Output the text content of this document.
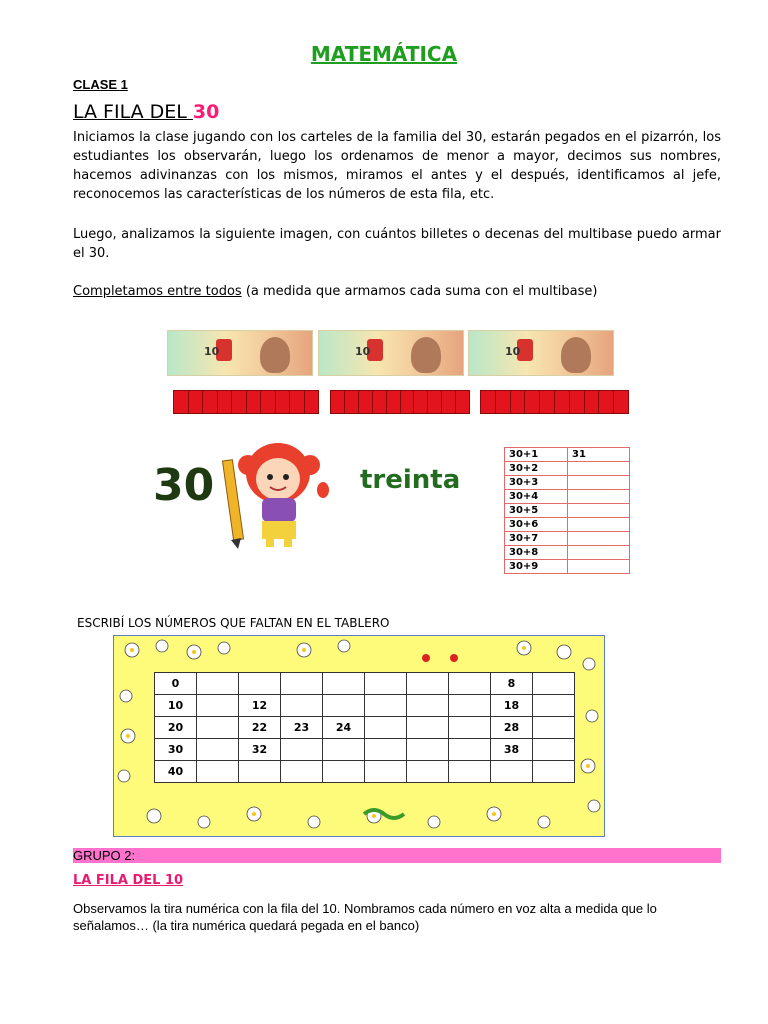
MATEMÁTICA
CLASE 1
LA FILA DEL 30
Iniciamos la clase jugando con los carteles de la familia del 30, estarán pegados en el pizarrón, los estudiantes los observarán, luego los ordenamos de menor a mayor, decimos sus nombres, hacemos adivinanzas con los mismos, miramos el antes y el después, identificamos al jefe, reconocemos las características de los números de esta fila, etc.
Luego, analizamos la siguiente imagen, con cuántos billetes o decenas del multibase puedo armar el 30.
Completamos entre todos (a medida que armamos cada suma con el multibase)
10	10	10
30	treinta
30+1	31
30+2	
30+3	
30+4	
30+5	
30+6	
30+7	
30+8	
30+9	
ESCRIBÍ LOS NÚMEROS QUE FALTAN EN EL TABLERO
0								8	
10		12						18	
20		22	23	24				28	
30		32						38	
40									
GRUPO 2:
LA FILA DEL 10
Observamos la tira numérica con la fila del 10. Nombramos cada número en voz alta a medida que lo señalamos… (la tira numérica quedará pegada en el banco)
